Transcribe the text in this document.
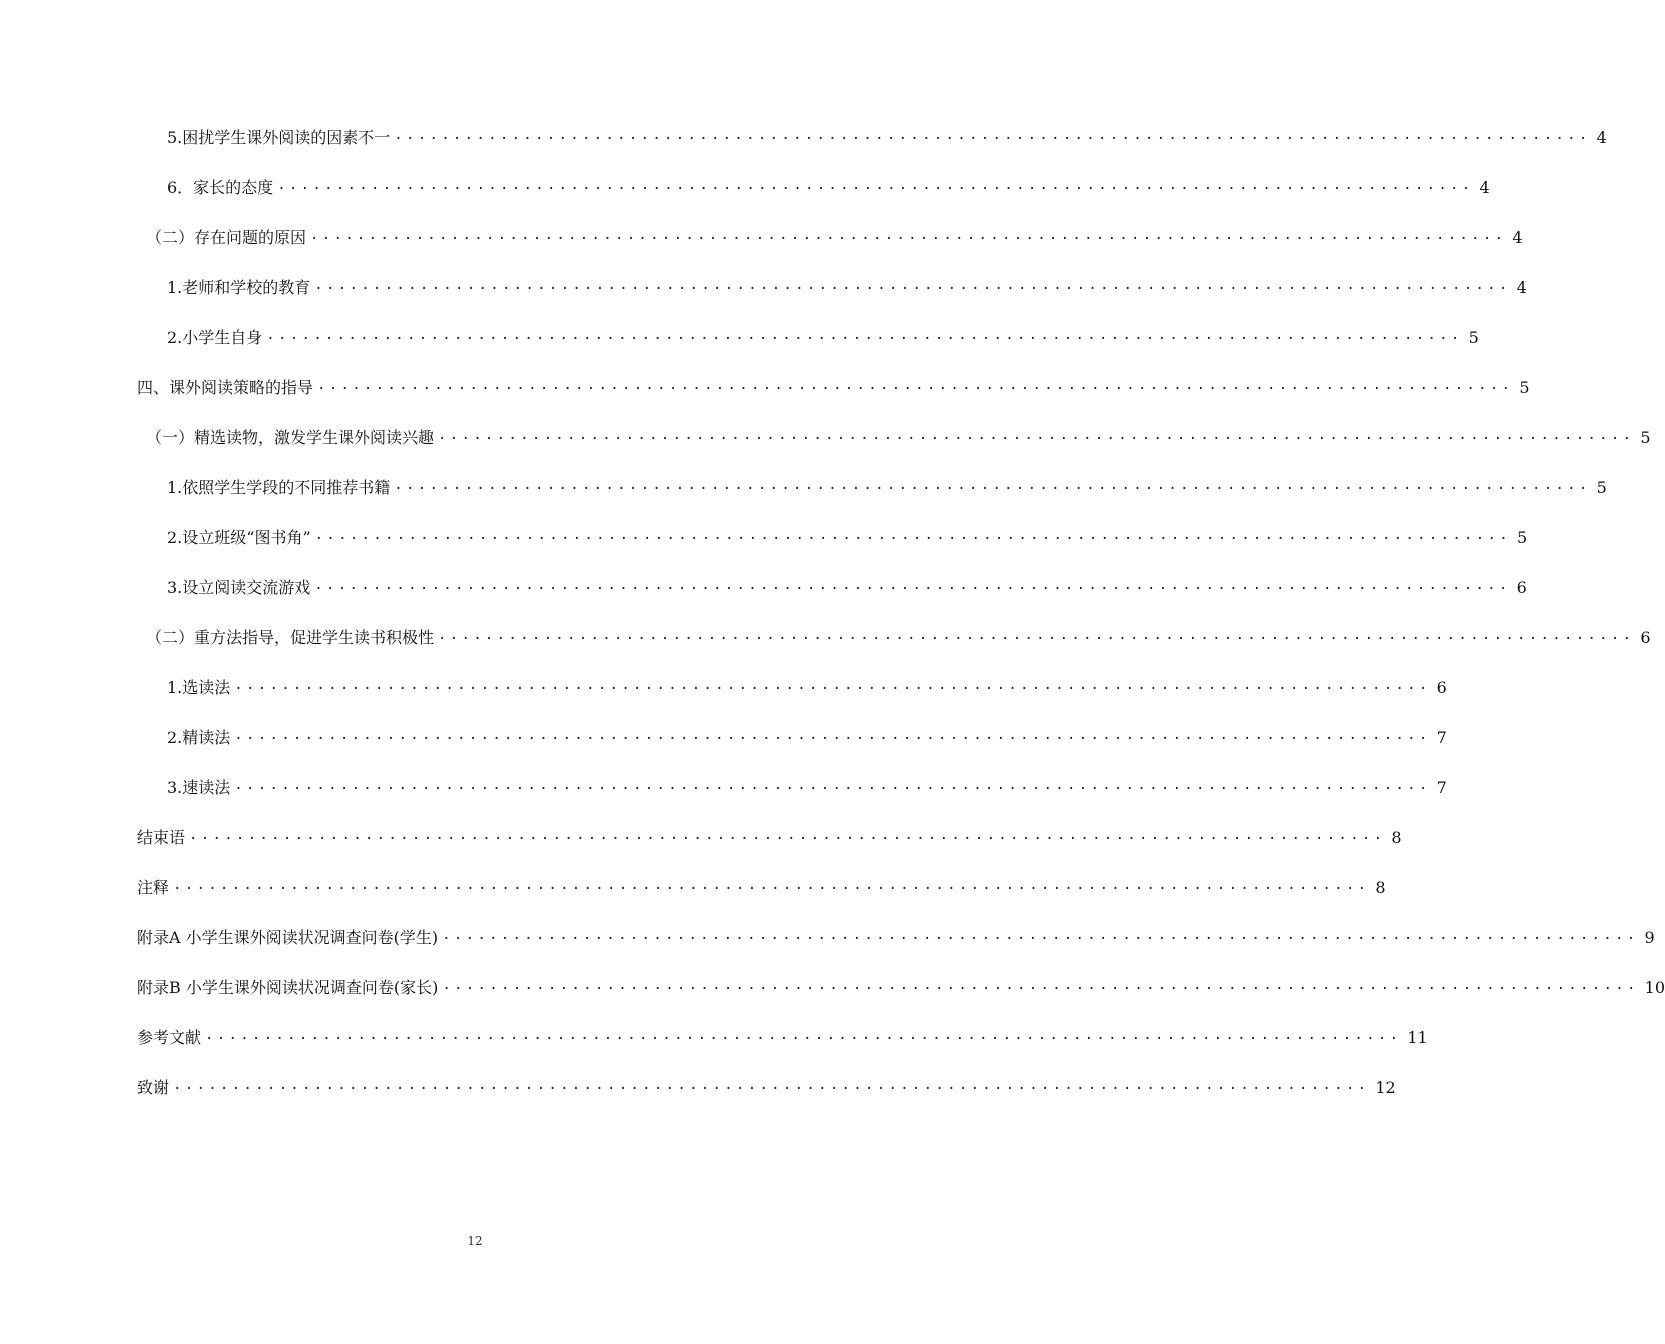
5.困扰学生课外阅读的因素不一 ······································································································ 4
6．家长的态度 ······································································································ 4
（二）存在问题的原因 ······································································································ 4
1.老师和学校的教育 ······································································································ 4
2.小学生自身 ······································································································ 5
四、课外阅读策略的指导 ······································································································ 5
（一）精选读物，激发学生课外阅读兴趣 ······································································································ 5
1.依照学生学段的不同推荐书籍 ······································································································ 5
2.设立班级“图书角” ······································································································ 5
3.设立阅读交流游戏 ······································································································ 6
（二）重方法指导，促进学生读书积极性 ······································································································ 6
1.选读法 ······································································································ 6
2.精读法 ······································································································ 7
3.速读法 ······································································································ 7
结束语 ······································································································ 8
注释 ······································································································ 8
附录A 小学生课外阅读状况调查问卷(学生) ······································································································ 9
附录B 小学生课外阅读状况调查问卷(家长) ······································································································ 10
参考文献 ······································································································ 11
致谢 ······································································································ 12
12
